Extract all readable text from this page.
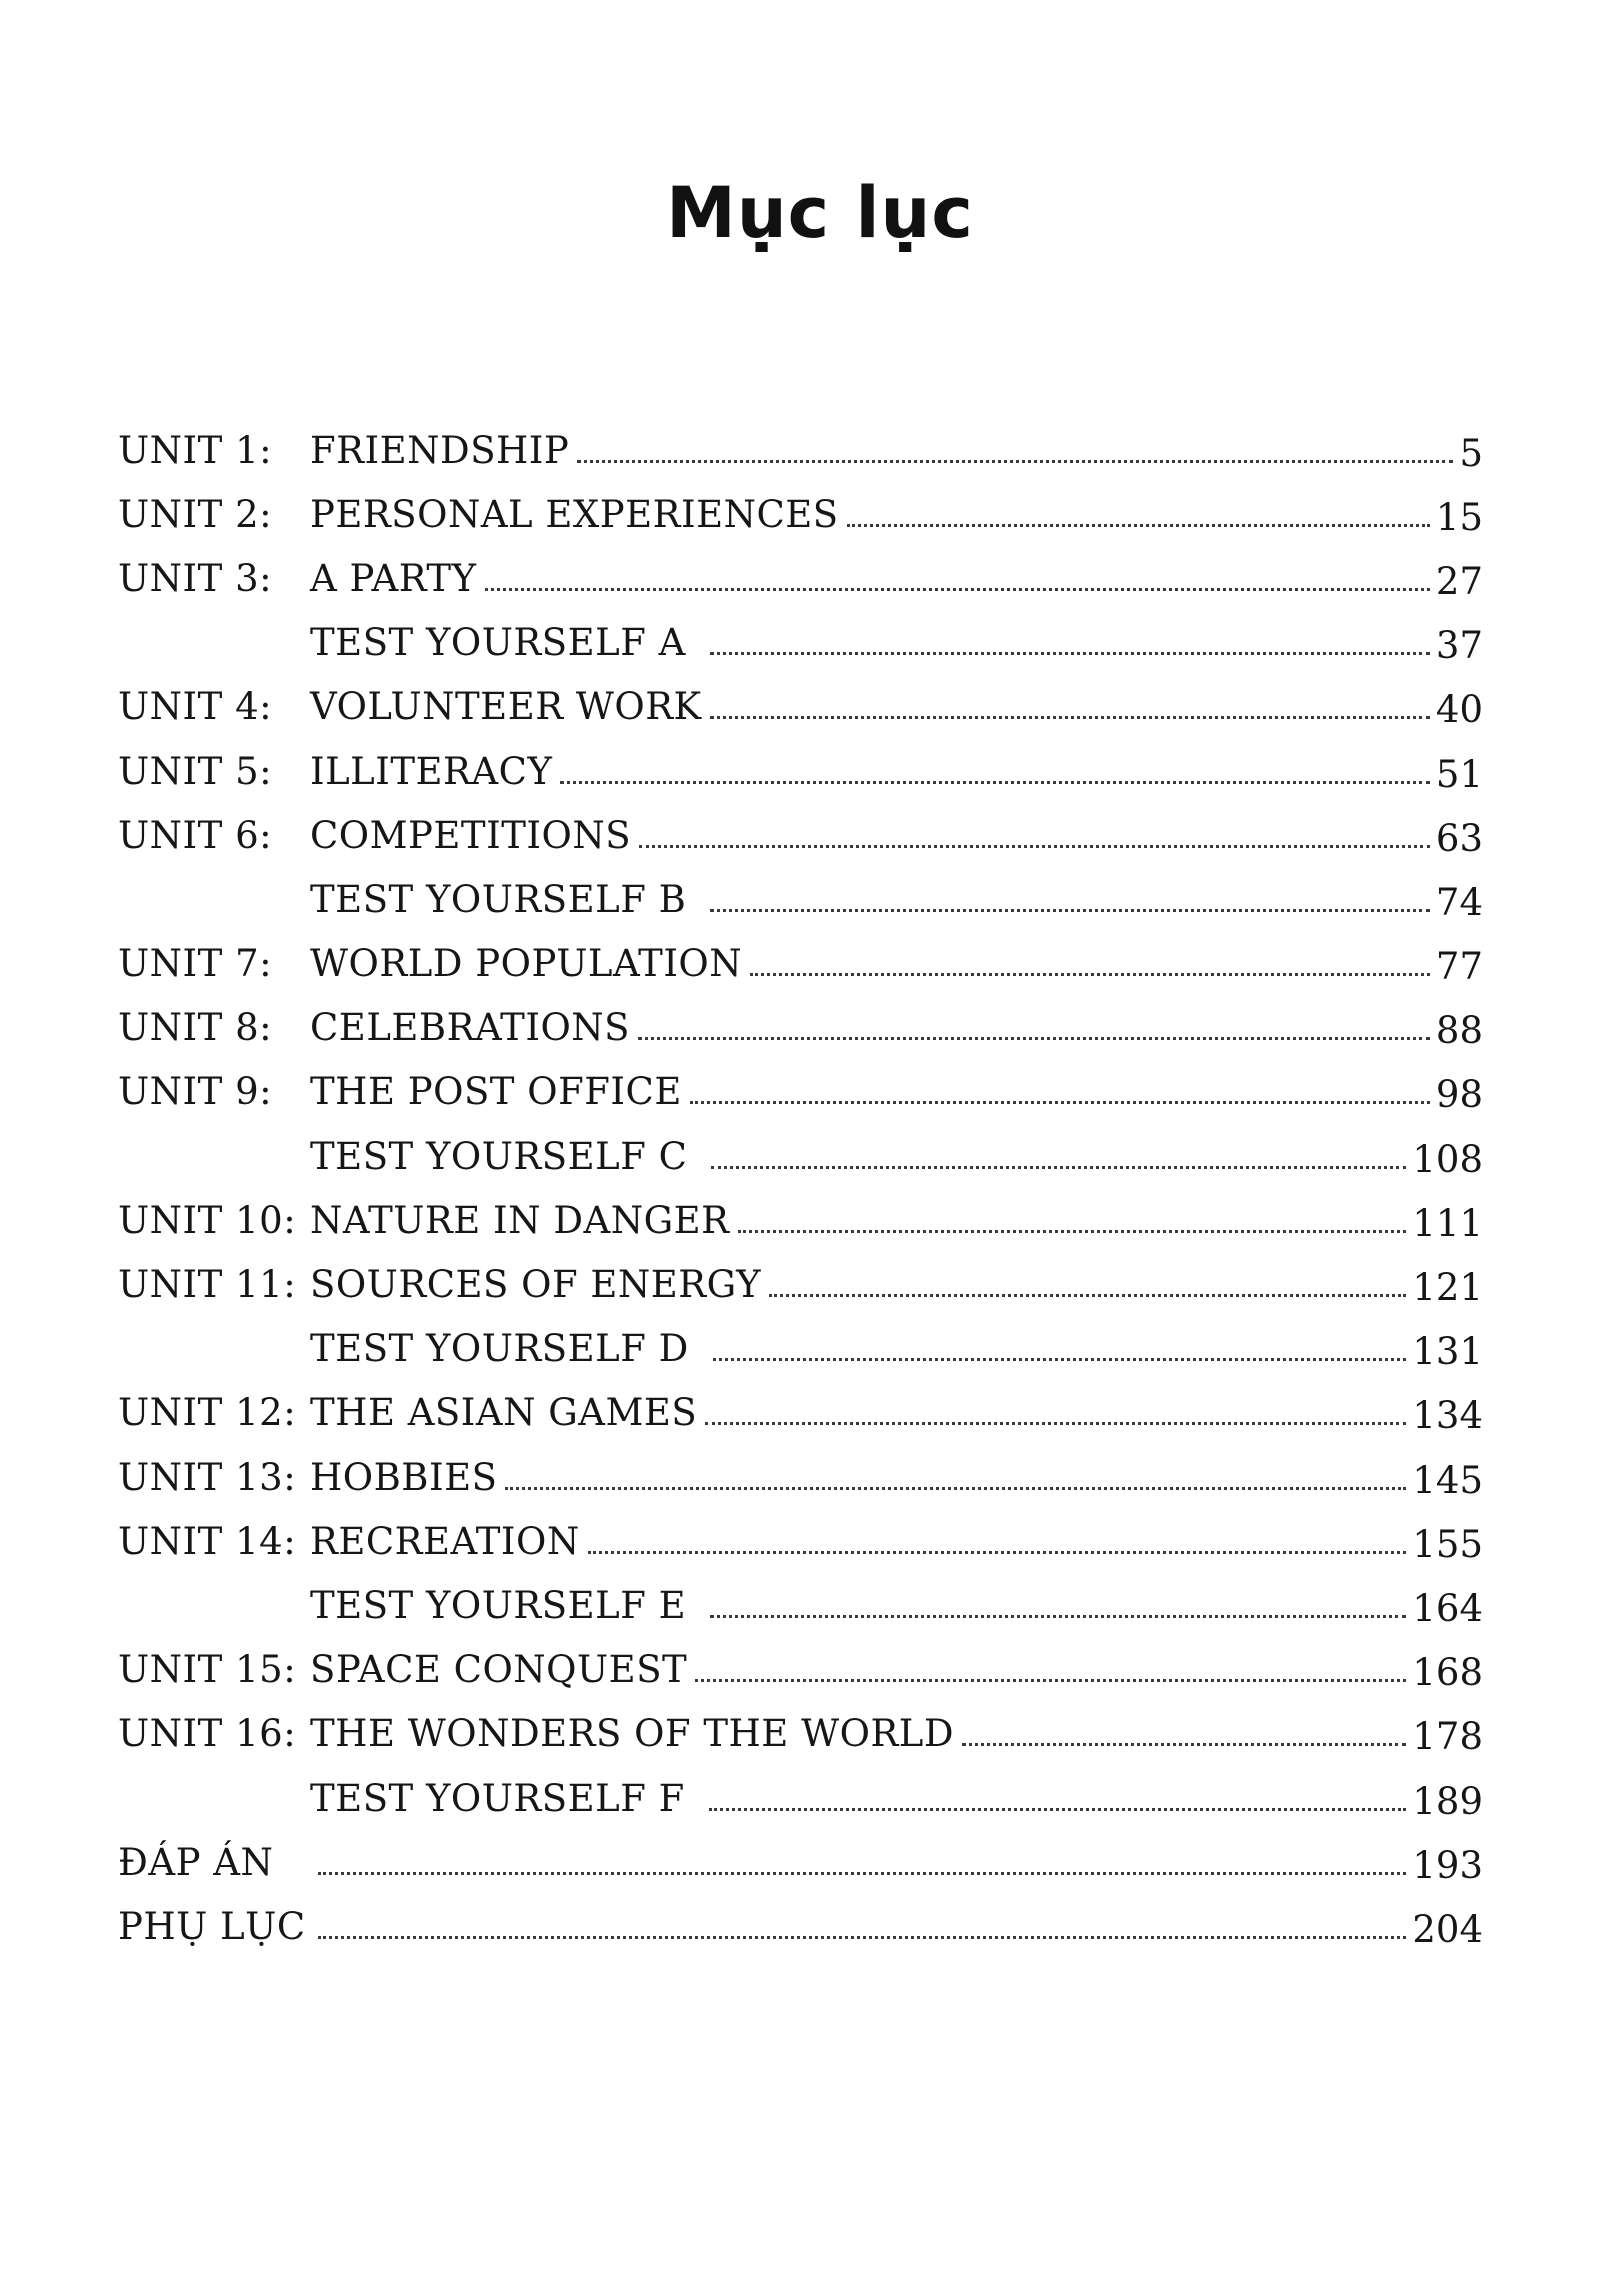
Mục lục
UNIT 1:	FRIENDSHIP	5
UNIT 2:	PERSONAL EXPERIENCES	15
UNIT 3:	A PARTY	27
TEST YOURSELF A	37
UNIT 4:	VOLUNTEER WORK	40
UNIT 5:	ILLITERACY	51
UNIT 6:	COMPETITIONS	63
TEST YOURSELF B	74
UNIT 7:	WORLD POPULATION	77
UNIT 8:	CELEBRATIONS	88
UNIT 9:	THE POST OFFICE	98
TEST YOURSELF C	108
UNIT 10: NATURE IN DANGER	111
UNIT 11: SOURCES OF ENERGY	121
TEST YOURSELF D	131
UNIT 12: THE ASIAN GAMES	134
UNIT 13: HOBBIES	145
UNIT 14: RECREATION	155
TEST YOURSELF E	164
UNIT 15: SPACE CONQUEST	168
UNIT 16: THE WONDERS OF THE WORLD	178
TEST YOURSELF F	189
ĐÁP ÁN	193
PHỤ LỤC	204
